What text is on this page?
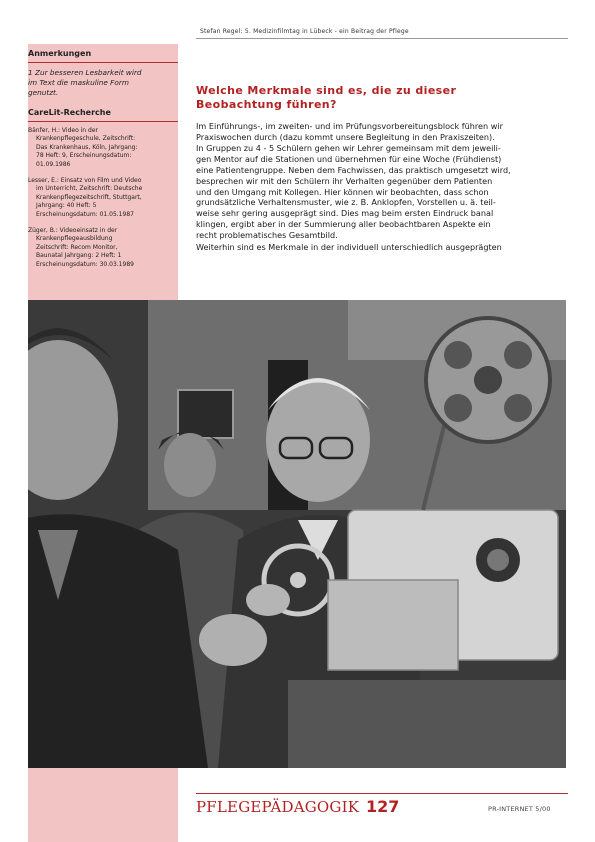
Stefan Regel: 5. Medizinfilmtag in Lübeck - ein Beitrag der Pflege
Anmerkungen
1 Zur besseren Lesbarkeit wird
im Text die maskuline Form
genutzt.
CareLit-Recherche
Bänfer, H.: Video in der
Krankenpflegeschule, Zeitschrift:
Das Krankenhaus, Köln, Jahrgang:
78 Heft: 9, Erscheinungsdatum:
01.09.1986
Lesser, E.: Einsatz von Film und Video
im Unterricht, Zeitschrift: Deutsche
Krankenpflegezeitschrift, Stuttgart,
Jahrgang: 40 Heft: 5
Erscheinungsdatum: 01.05.1987
Züger, B.: Videoeinsatz in der
Krankenpflegeausbildung
Zeitschrift: Recom Monitor,
Baunatal Jahrgang: 2 Heft: 1
Erscheinungsdatum: 30.03.1989
Welche Merkmale sind es, die zu dieser
Beobachtung führen?

Im Einführungs-, im zweiten- und im Prüfungsvorbereitungsblock führen wir
Praxiswochen durch (dazu kommt unsere Begleitung in den Praxiszeiten).

In Gruppen zu 4 - 5 Schülern gehen wir Lehrer gemeinsam mit dem jeweili-
gen Mentor auf die Stationen und übernehmen für eine Woche (Frühdienst)
eine Patientengruppe. Neben dem Fachwissen, das praktisch umgesetzt wird,
besprechen wir mit den Schülern ihr Verhalten gegenüber dem Patienten
und den Umgang mit Kollegen. Hier können wir beobachten, dass schon
grundsätzliche Verhaltensmuster, wie z. B. Anklopfen, Vorstellen u. ä. teil-
weise sehr gering ausgeprägt sind. Dies mag beim ersten Eindruck banal
klingen, ergibt aber in der Summierung aller beobachtbaren Aspekte ein
recht problematisches Gesamtbild.

Weiterhin sind es Merkmale in der individuell unterschiedlich ausgeprägten

PFLEGEPÄDAGOGIK 127	PR-INTERNET 5/00
